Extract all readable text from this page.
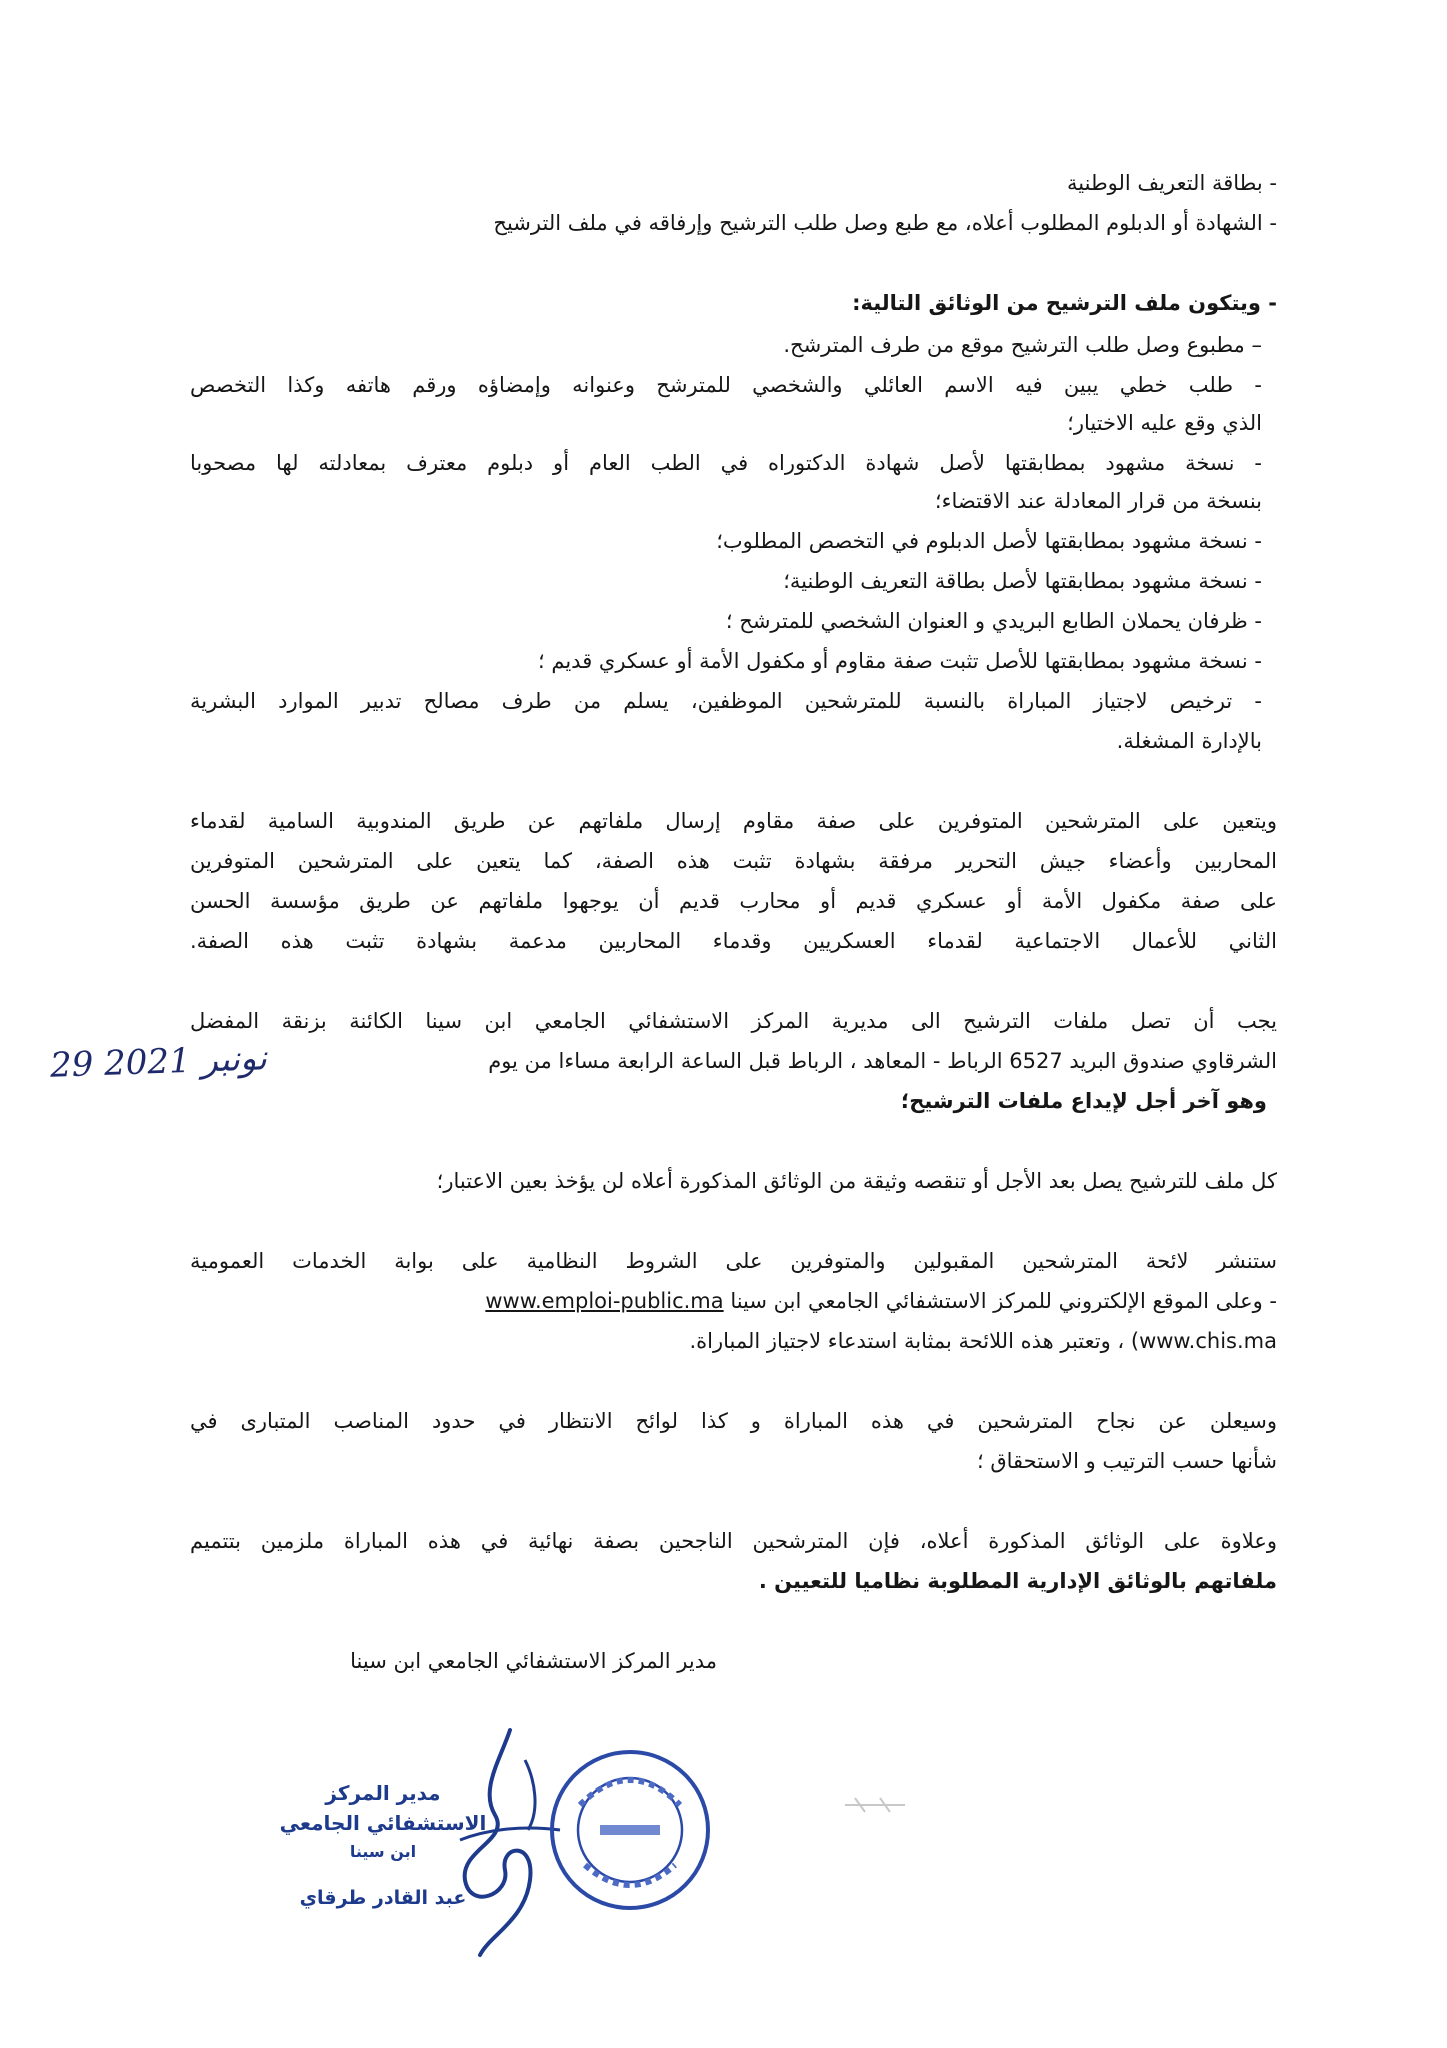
- بطاقة التعريف الوطنية
- الشهادة أو الدبلوم المطلوب أعلاه، مع طبع وصل طلب الترشيح وإرفاقه في ملف الترشيح
- ويتكون ملف الترشيح من الوثائق التالية:
– مطبوع وصل طلب الترشيح موقع من طرف المترشح.
- طلب خطي يبين فيه الاسم العائلي والشخصي للمترشح وعنوانه وإمضاؤه ورقم هاتفه وكذا التخصص
الذي وقع عليه الاختيار؛
- نسخة مشهود بمطابقتها لأصل شهادة الدكتوراه في الطب العام أو دبلوم معترف بمعادلته لها مصحوبا
بنسخة من قرار المعادلة عند الاقتضاء؛
- نسخة مشهود بمطابقتها لأصل الدبلوم في التخصص المطلوب؛
- نسخة مشهود بمطابقتها لأصل بطاقة التعريف الوطنية؛
- ظرفان يحملان الطابع البريدي و العنوان الشخصي للمترشح ؛
- نسخة مشهود بمطابقتها للأصل تثبت صفة مقاوم أو مكفول الأمة أو عسكري قديم ؛
- ترخيص لاجتياز المباراة بالنسبة للمترشحين الموظفين، يسلم من طرف مصالح تدبير الموارد البشرية
بالإدارة المشغلة.
ويتعين على المترشحين المتوفرين على صفة مقاوم إرسال ملفاتهم عن طريق المندوبية السامية لقدماء
المحاربين وأعضاء جيش التحرير مرفقة بشهادة تثبت هذه الصفة، كما يتعين على المترشحين المتوفرين
على صفة مكفول الأمة أو عسكري قديم أو محارب قديم أن يوجهوا ملفاتهم عن طريق مؤسسة الحسن
الثاني للأعمال الاجتماعية لقدماء العسكريين وقدماء المحاربين مدعمة بشهادة تثبت هذه الصفة.
يجب أن تصل ملفات الترشيح الى مديرية المركز الاستشفائي الجامعي ابن سينا الكائنة بزنقة المفضل
الشرقاوي صندوق البريد 6527 الرباط - المعاهد ، الرباط قبل الساعة الرابعة مساءا من يوم
وهو آخر أجل لإيداع ملفات الترشيح؛
29 نونبر 2021
كل ملف للترشيح يصل بعد الأجل أو تنقصه وثيقة من الوثائق المذكورة أعلاه لن يؤخذ بعين الاعتبار؛
ستنشر لائحة المترشحين المقبولين والمتوفرين على الشروط النظامية على بوابة الخدمات العمومية
- وعلى الموقع الإلكتروني للمركز الاستشفائي الجامعي ابن سينا www.emploi-public.ma
(www.chis.ma ، وتعتبر هذه اللائحة بمثابة استدعاء لاجتياز المباراة.
وسيعلن عن نجاح المترشحين في هذه المباراة و كذا لوائح الانتظار في حدود المناصب المتبارى في
شأنها حسب الترتيب و الاستحقاق ؛
وعلاوة على الوثائق المذكورة أعلاه، فإن المترشحين الناجحين بصفة نهائية في هذه المباراة ملزمين بتتميم
ملفاتهم بالوثائق الإدارية المطلوبة نظاميا للتعيين .
مدير المركز الاستشفائي الجامعي ابن سينا
مدير المركز الاستشفائي الجامعي
ابن سينا
عبد القادر طرقاي
